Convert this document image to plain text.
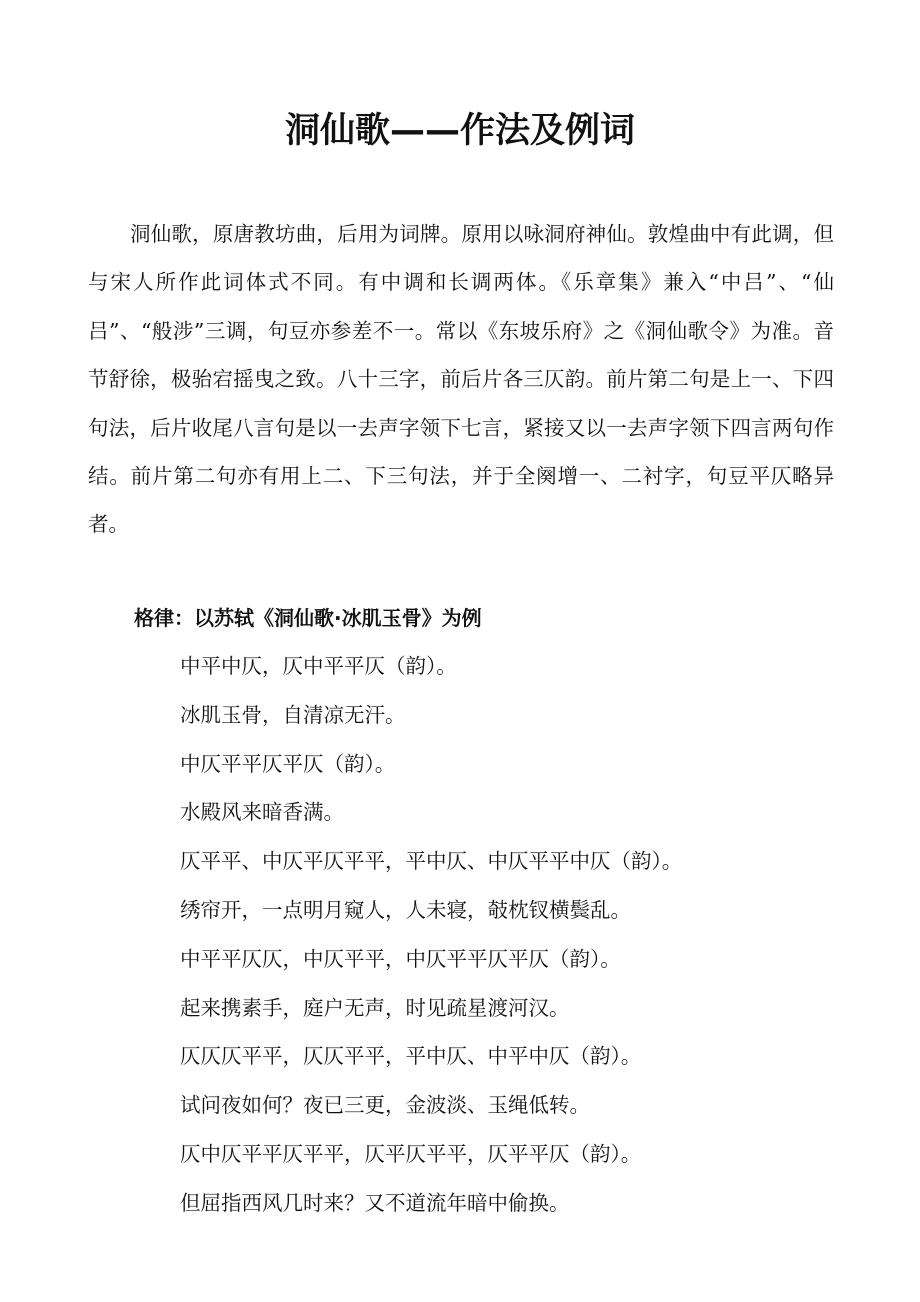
洞仙歌——作法及例词

洞仙歌，原唐教坊曲，后用为词牌。原用以咏洞府神仙。敦煌曲中有此调，但与宋人所作此词体式不同。有中调和长调两体。《乐章集》兼入“中吕”、“仙吕”、“般涉”三调，句豆亦参差不一。常以《东坡乐府》之《洞仙歌令》为准。音节舒徐，极骀宕摇曳之致。八十三字，前后片各三仄韵。前片第二句是上一、下四句法，后片收尾八言句是以一去声字领下七言，紧接又以一去声字领下四言两句作结。前片第二句亦有用上二、下三句法，并于全阕增一、二衬字，句豆平仄略异者。

格律：以苏轼《洞仙歌·冰肌玉骨》为例
中平中仄，仄中平平仄（韵）。
冰肌玉骨，自清凉无汗。
中仄平平仄平仄（韵）。
水殿风来暗香满。
仄平平、中仄平仄平平，平中仄、中仄平平中仄（韵）。
绣帘开，一点明月窥人，人未寝，攲枕钗横鬓乱。
中平平仄仄，中仄平平，中仄平平仄平仄（韵）。
起来携素手，庭户无声，时见疏星渡河汉。
仄仄仄平平，仄仄平平，平中仄、中平中仄（韵）。
试问夜如何？夜已三更，金波淡、玉绳低转。
仄中仄平平仄平平，仄平仄平平，仄平平仄（韵）。
但屈指西风几时来？又不道流年暗中偷换。
